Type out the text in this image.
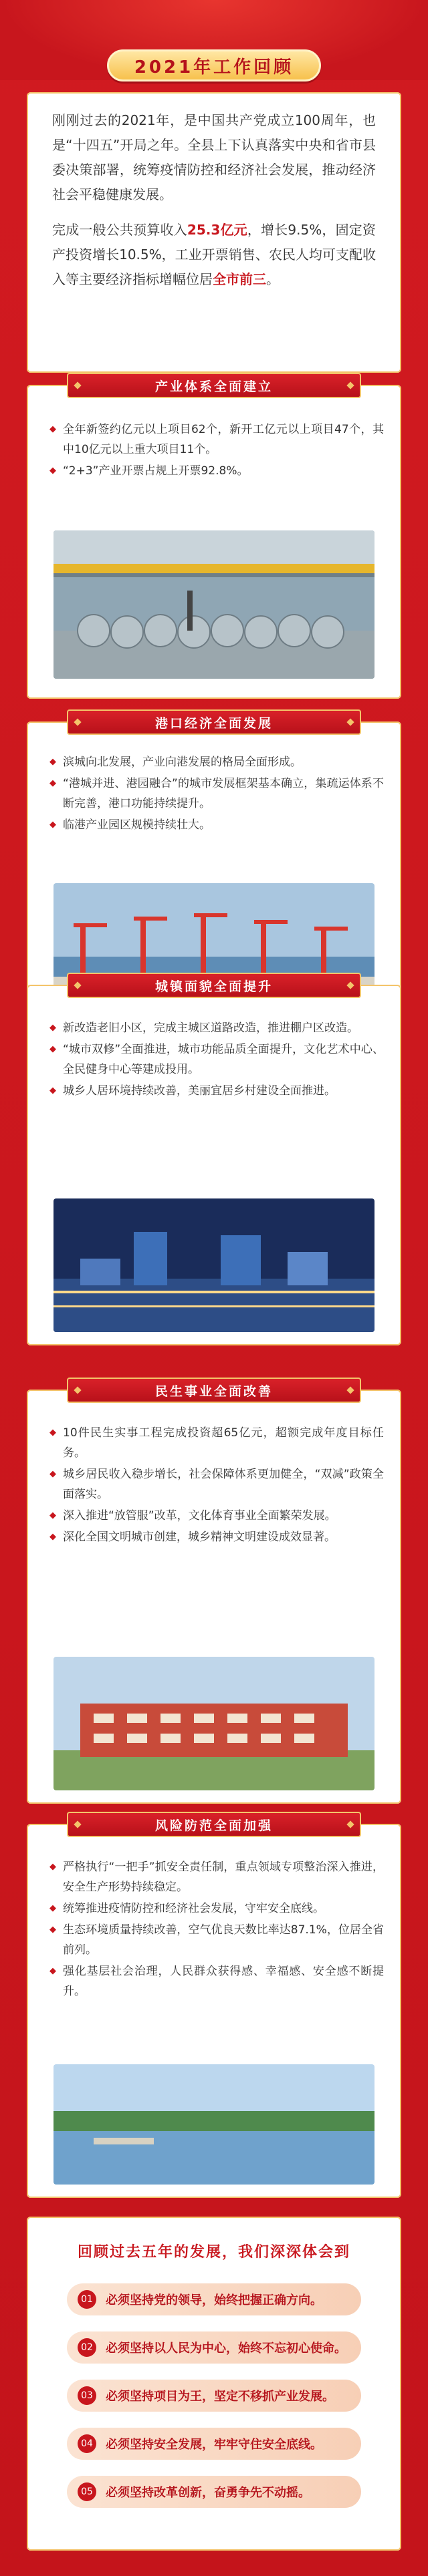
2021年工作回顾

刚刚过去的2021年，是中国共产党成立100周年，也是“十四五”开局之年。全县上下认真落实中央和省市县委决策部署，统筹疫情防控和经济社会发展，推动经济社会平稳健康发展。

完成一般公共预算收入25.3亿元，增长9.5%，固定资产投资增长10.5%，工业开票销售、农民人均可支配收入等主要经济指标增幅位居全市前三。

产业体系全面建立
◆ 全年新签约亿元以上项目62个，新开工亿元以上项目47个，其中10亿元以上重大项目11个。
◆ “2+3”产业开票占规上开票92.8%。
港口经济全面发展
◆ 滨城向北发展，产业向港发展的格局全面形成。
◆ “港城并进、港园融合”的城市发展框架基本确立，集疏运体系不断完善，港口功能持续提升。
◆ 临港产业园区规模持续壮大。
城镇面貌全面提升
◆ 新改造老旧小区，完成主城区道路改造，推进棚户区改造。
◆ “城市双修”全面推进，城市功能品质全面提升，文化艺术中心、全民健身中心等建成投用。
◆ 城乡人居环境持续改善，美丽宜居乡村建设全面推进。
民生事业全面改善
◆ 10件民生实事工程完成投资超65亿元，超额完成年度目标任务。
◆ 城乡居民收入稳步增长，社会保障体系更加健全，“双减”政策全面落实。
◆ 深入推进“放管服”改革，文化体育事业全面繁荣发展。
◆ 深化全国文明城市创建，城乡精神文明建设成效显著。
风险防范全面加强
◆ 严格执行“一把手”抓安全责任制，重点领域专项整治深入推进，安全生产形势持续稳定。
◆ 统筹推进疫情防控和经济社会发展，守牢安全底线。
◆ 生态环境质量持续改善，空气优良天数比率达87.1%，位居全省前列。
◆ 强化基层社会治理，人民群众获得感、幸福感、安全感不断提升。
回顾过去五年的发展，我们深深体会到
01 必须坚持党的领导，始终把握正确方向。
02 必须坚持以人民为中心，始终不忘初心使命。
03 必须坚持项目为王，坚定不移抓产业发展。
04 必须坚持安全发展，牢牢守住安全底线。
05 必须坚持改革创新，奋勇争先不动摇。
